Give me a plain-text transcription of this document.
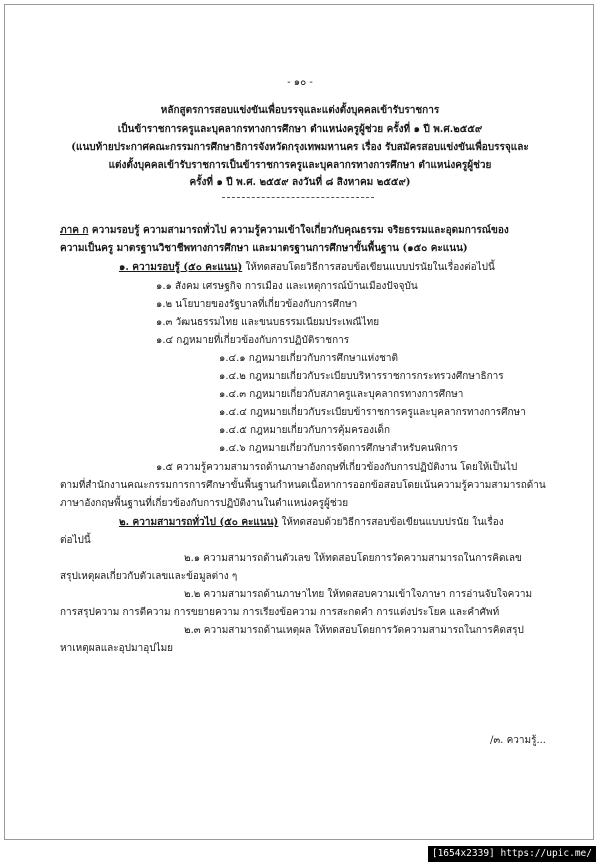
- ๑๐ -
หลักสูตรการสอบแข่งขันเพื่อบรรจุและแต่งตั้งบุคคลเข้ารับราชการ
เป็นข้าราชการครูและบุคลากรทางการศึกษา ตำแหน่งครูผู้ช่วย ครั้งที่ ๑ ปี พ.ศ.๒๕๕๙
(แนบท้ายประกาศคณะกรรมการศึกษาธิการจังหวัดกรุงเทพมหานคร เรื่อง รับสมัครสอบแข่งขันเพื่อบรรจุและ
แต่งตั้งบุคคลเข้ารับราชการเป็นข้าราชการครูและบุคลากรทางการศึกษา ตำแหน่งครูผู้ช่วย
ครั้งที่ ๑ ปี พ.ศ. ๒๕๕๙ ลงวันที่ ๘ สิงหาคม ๒๕๕๙)
ภาค ก ความรอบรู้ ความสามารถทั่วไป ความรู้ความเข้าใจเกี่ยวกับคุณธรรม จริยธรรมและอุดมการณ์ของ
ความเป็นครู มาตรฐานวิชาชีพทางการศึกษา และมาตรฐานการศึกษาขั้นพื้นฐาน (๑๕๐ คะแนน)
๑. ความรอบรู้ (๕๐ คะแนน) ให้ทดสอบโดยวิธีการสอบข้อเขียนแบบปรนัยในเรื่องต่อไปนี้
๑.๑ สังคม เศรษฐกิจ การเมือง และเหตุการณ์บ้านเมืองปัจจุบัน
๑.๒ นโยบายของรัฐบาลที่เกี่ยวข้องกับการศึกษา
๑.๓ วัฒนธรรมไทย และขนบธรรมเนียมประเพณีไทย
๑.๔ กฎหมายที่เกี่ยวข้องกับการปฏิบัติราชการ
๑.๔.๑ กฎหมายเกี่ยวกับการศึกษาแห่งชาติ
๑.๔.๒ กฎหมายเกี่ยวกับระเบียบบริหารราชการกระทรวงศึกษาธิการ
๑.๔.๓ กฎหมายเกี่ยวกับสภาครูและบุคลากรทางการศึกษา
๑.๔.๔ กฎหมายเกี่ยวกับระเบียบข้าราชการครูและบุคลากรทางการศึกษา
๑.๔.๕ กฎหมายเกี่ยวกับการคุ้มครองเด็ก
๑.๔.๖ กฎหมายเกี่ยวกับการจัดการศึกษาสำหรับคนพิการ
๑.๕ ความรู้ความสามารถด้านภาษาอังกฤษที่เกี่ยวข้องกับการปฏิบัติงาน โดยให้เป็นไป
ตามที่สำนักงานคณะกรรมการการศึกษาขั้นพื้นฐานกำหนดเนื้อหาการออกข้อสอบโดยเน้นความรู้ความสามารถด้าน
ภาษาอังกฤษพื้นฐานที่เกี่ยวข้องกับการปฏิบัติงานในตำแหน่งครูผู้ช่วย
๒. ความสามารถทั่วไป (๕๐ คะแนน) ให้ทดสอบด้วยวิธีการสอบข้อเขียนแบบปรนัย ในเรื่อง
ต่อไปนี้
๒.๑ ความสามารถด้านตัวเลข ให้ทดสอบโดยการวัดความสามารถในการคิดเลข
สรุปเหตุผลเกี่ยวกับตัวเลขและข้อมูลต่าง ๆ
๒.๒ ความสามารถด้านภาษาไทย ให้ทดสอบความเข้าใจภาษา การอ่านจับใจความ
การสรุปความ การตีความ การขยายความ การเรียงข้อความ การสะกดคำ การแต่งประโยค และคำศัพท์
๒.๓ ความสามารถด้านเหตุผล ให้ทดสอบโดยการวัดความสามารถในการคิดสรุป
หาเหตุผลและอุปมาอุปไมย
/๓. ความรู้...
[1654x2339] https://upic.me/
